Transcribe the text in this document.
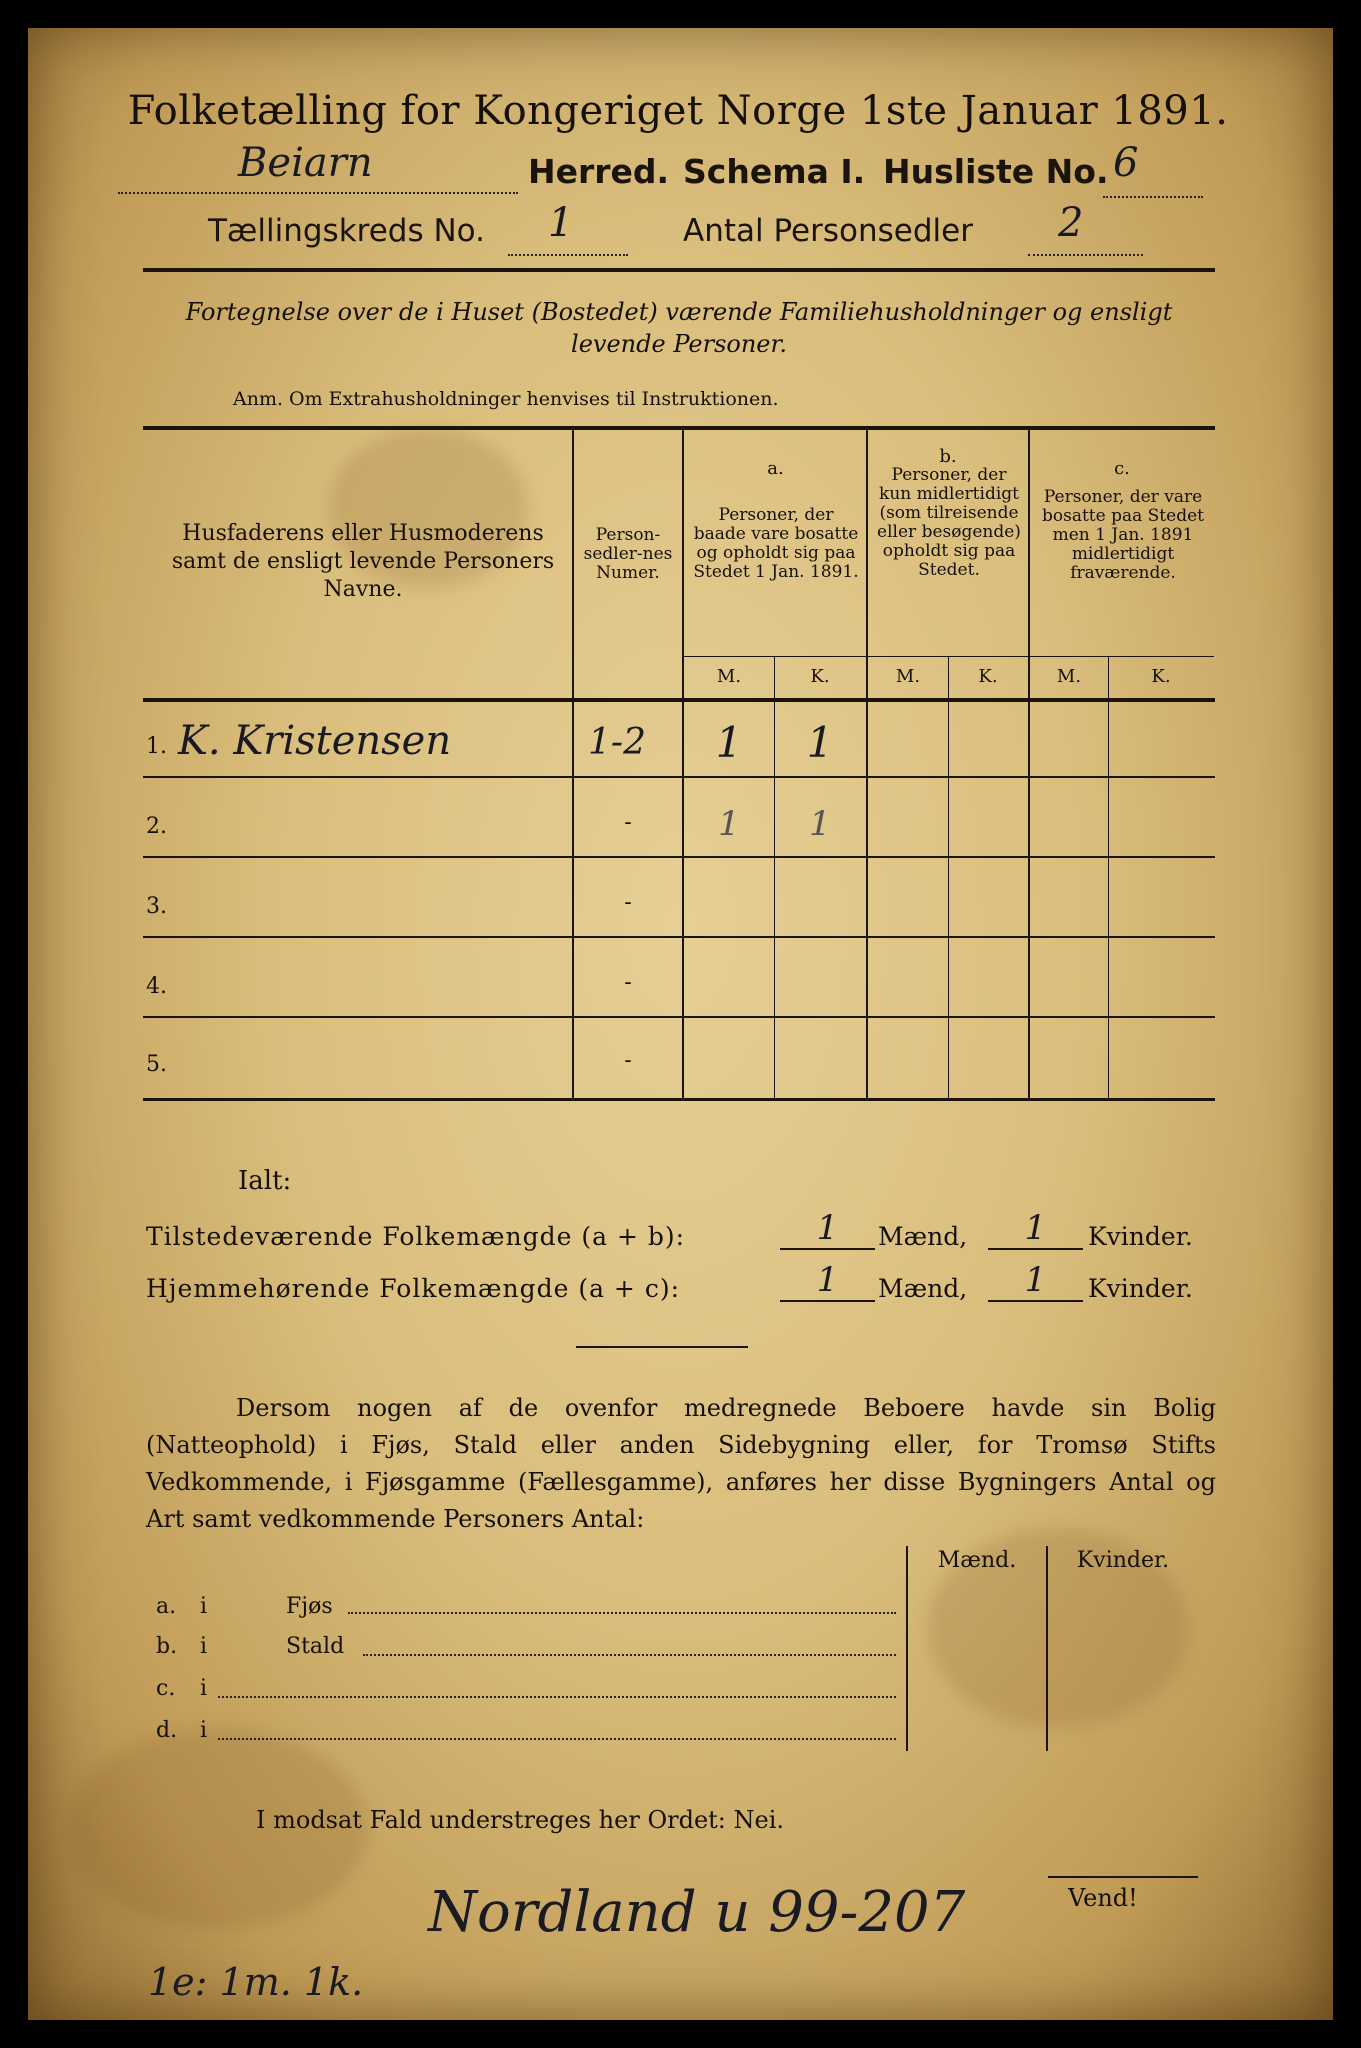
Folketælling for Kongeriget Norge 1ste Januar 1891.
Beiarn	Herred. Schema I. Husliste No. 6
Tællingskreds No. 1	Antal Personsedler 2
Fortegnelse over de i Huset (Bostedet) værende Familiehusholdninger og ensligt levende Personer.
Anm. Om Extrahusholdninger henvises til Instruktionen.
Husfaderens eller Husmoderens samt de ensligt levende Personers Navne.
Person-sedler-nes Numer.
a.
Personer, der baade vare bosatte og opholdt sig paa Stedet 1 Jan. 1891.
b.
Personer, der kun midlertidigt (som tilreisende eller besøgende) opholdt sig paa Stedet.
c.
Personer, der vare bosatte paa Stedet men 1 Jan. 1891 midlertidigt fraværende.
M.	K.	M.	K.	M.	K.
1. K. Kristensen	1-2	1	1
2.	-	1	1
3.	-
4.	-
5.	-
Ialt:
Tilstedeværende Folkemængde (a + b):	1	Mænd,	1	Kvinder.
Hjemmehørende Folkemængde (a + c):	1	Mænd,	1	Kvinder.
Dersom nogen af de ovenfor medregnede Beboere havde sin Bolig (Natteophold) i Fjøs, Stald eller anden Sidebygning eller, for Tromsø Stifts Vedkommende, i Fjøsgamme (Fællesgamme), anføres her disse Bygningers Antal og Art samt vedkommende Personers Antal:
Mænd.	Kvinder.
a. i	Fjøs
b. i	Stald
c. i
d. i
I modsat Fald understreges her Ordet: Nei.
Nordland u 99-207	Vend!
1e: 1m. 1k.
